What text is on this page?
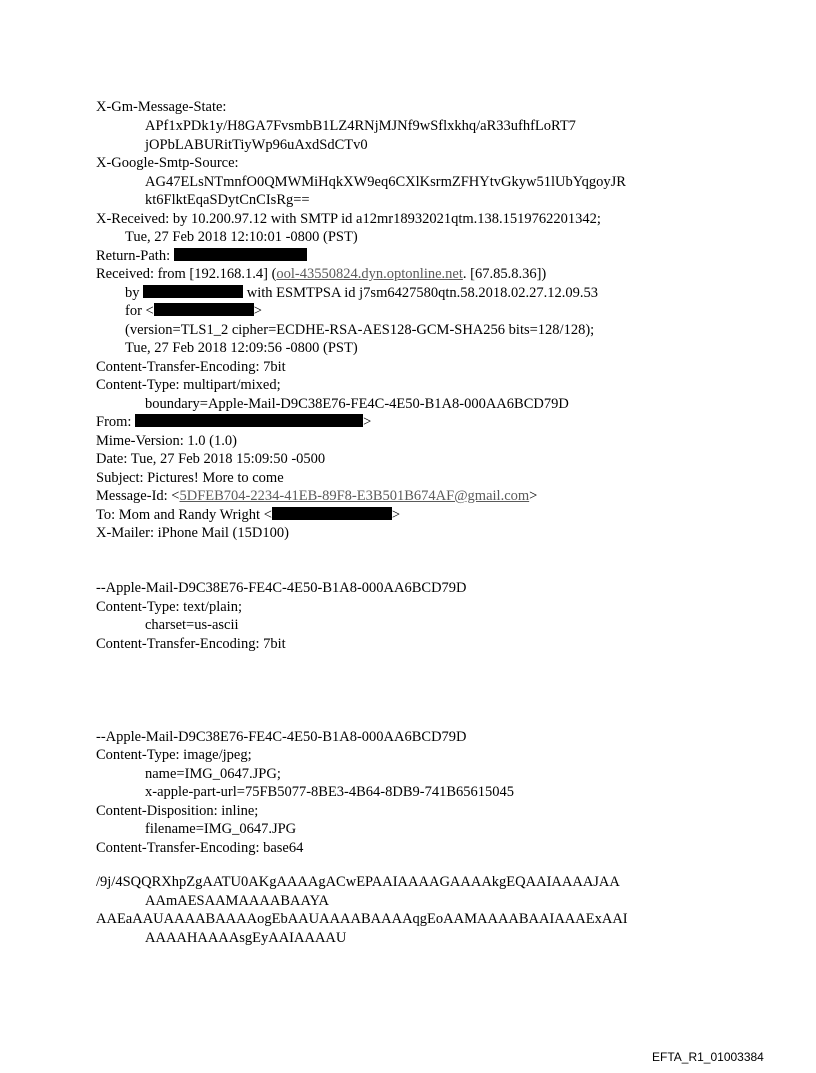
X-Gm-Message-State:
APf1xPDk1y/H8GA7FvsmbB1LZ4RNjMJNf9wSflxkhq/aR33ufhfLoRT7
jOPbLABURitTiyWp96uAxdSdCTv0
X-Google-Smtp-Source:
AG47ELsNTmnfO0QMWMiHqkXW9eq6CXlKsrmZFHYtvGkyw51lUbYqgoyJR
kt6FlktEqaSDytCnCIsRg==
X-Received: by 10.200.97.12 with SMTP id a12mr18932021qtm.138.1519762201342;
Tue, 27 Feb 2018 12:10:01 -0800 (PST)
Return-Path:
Received: from [192.168.1.4] (ool-43550824.dyn.optonline.net. [67.85.8.36])
by	with ESMTPSA id j7sm6427580qtn.58.2018.02.27.12.09.53
for <	>
(version=TLS1_2 cipher=ECDHE-RSA-AES128-GCM-SHA256 bits=128/128);
Tue, 27 Feb 2018 12:09:56 -0800 (PST)
Content-Transfer-Encoding: 7bit
Content-Type: multipart/mixed;
boundary=Apple-Mail-D9C38E76-FE4C-4E50-B1A8-000AA6BCD79D
From:	>
Mime-Version: 1.0 (1.0)
Date: Tue, 27 Feb 2018 15:09:50 -0500
Subject: Pictures! More to come
Message-Id: <5DFEB704-2234-41EB-89F8-E3B501B674AF@gmail.com>
To: Mom and Randy Wright <	>
X-Mailer: iPhone Mail (15D100)
--Apple-Mail-D9C38E76-FE4C-4E50-B1A8-000AA6BCD79D
Content-Type: text/plain;
charset=us-ascii
Content-Transfer-Encoding: 7bit
--Apple-Mail-D9C38E76-FE4C-4E50-B1A8-000AA6BCD79D
Content-Type: image/jpeg;
name=IMG_0647.JPG;
x-apple-part-url=75FB5077-8BE3-4B64-8DB9-741B65615045
Content-Disposition: inline;
filename=IMG_0647.JPG
Content-Transfer-Encoding: base64
/9j/4SQQRXhpZgAATU0AKgAAAAgACwEPAAIAAAAGAAAAkgEQAAIAAAAJAA
AAmAESAAMAAAABAAYA
AAEaAAUAAAABAAAAogEbAAUAAAABAAAAqgEoAAMAAAABAAIAAAExAAI
AAAAHAAAAsgEyAAIAAAAU
EFTA_R1_01003384
